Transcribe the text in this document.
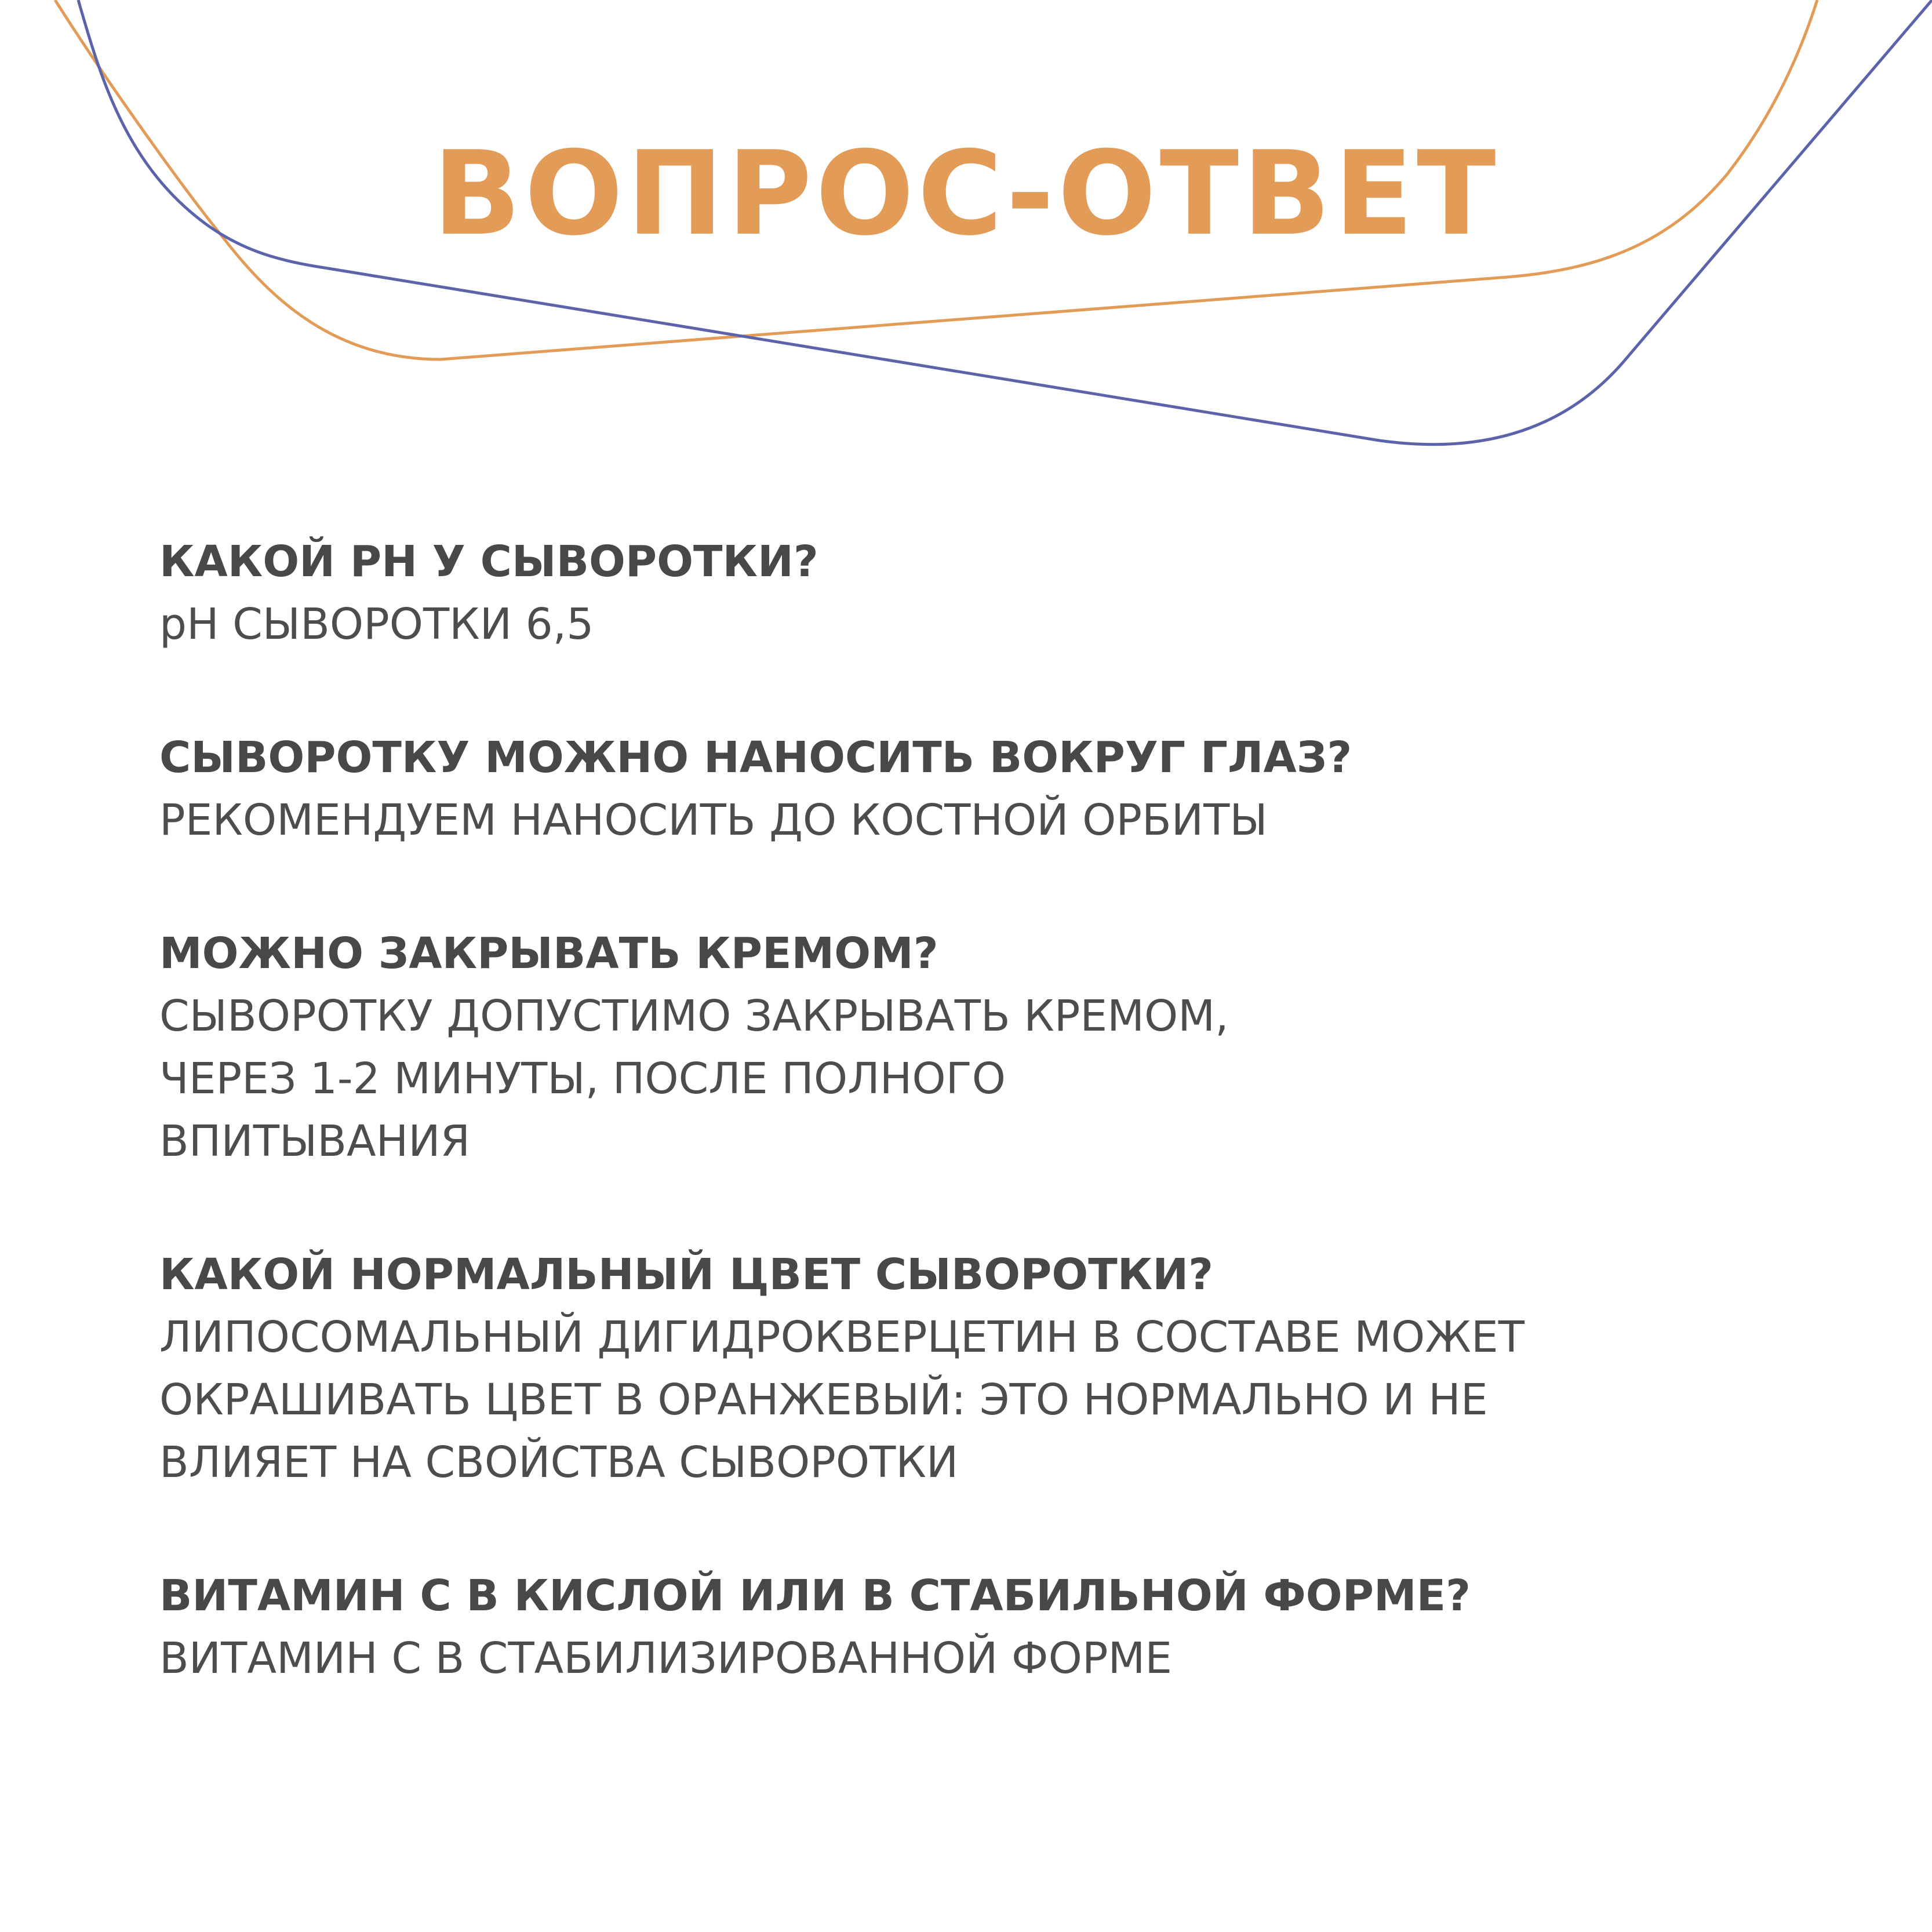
ВОПРОС-ОТВЕТ

КАКОЙ PH У СЫВОРОТКИ?

pH СЫВОРОТКИ 6,5

СЫВОРОТКУ МОЖНО НАНОСИТЬ ВОКРУГ ГЛАЗ?

РЕКОМЕНДУЕМ НАНОСИТЬ ДО КОСТНОЙ ОРБИТЫ

МОЖНО ЗАКРЫВАТЬ КРЕМОМ?

СЫВОРОТКУ ДОПУСТИМО ЗАКРЫВАТЬ КРЕМОМ,
ЧЕРЕЗ 1-2 МИНУТЫ, ПОСЛЕ ПОЛНОГО
ВПИТЫВАНИЯ

КАКОЙ НОРМАЛЬНЫЙ ЦВЕТ СЫВОРОТКИ?

ЛИПОСОМАЛЬНЫЙ ДИГИДРОКВЕРЦЕТИН В СОСТАВЕ МОЖЕТ
ОКРАШИВАТЬ ЦВЕТ В ОРАНЖЕВЫЙ: ЭТО НОРМАЛЬНО И НЕ
ВЛИЯЕТ НА СВОЙСТВА СЫВОРОТКИ

ВИТАМИН С В КИСЛОЙ ИЛИ В СТАБИЛЬНОЙ ФОРМЕ?

ВИТАМИН С В СТАБИЛИЗИРОВАННОЙ ФОРМЕ
